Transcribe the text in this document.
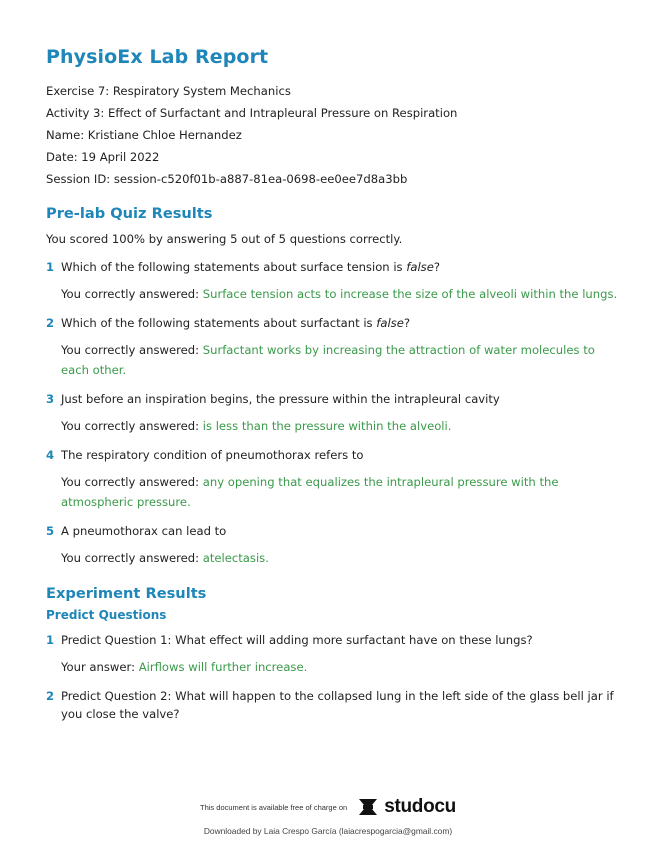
PhysioEx Lab Report
Exercise 7: Respiratory System Mechanics
Activity 3: Effect of Surfactant and Intrapleural Pressure on Respiration
Name: Kristiane Chloe Hernandez
Date: 19 April 2022
Session ID: session-c520f01b-a887-81ea-0698-ee0ee7d8a3bb
Pre-lab Quiz Results
You scored 100% by answering 5 out of 5 questions correctly.
1 Which of the following statements about surface tension is false?
You correctly answered: Surface tension acts to increase the size of the alveoli within the lungs.
2 Which of the following statements about surfactant is false?
You correctly answered: Surfactant works by increasing the attraction of water molecules to each other.
3 Just before an inspiration begins, the pressure within the intrapleural cavity
You correctly answered: is less than the pressure within the alveoli.
4 The respiratory condition of pneumothorax refers to
You correctly answered: any opening that equalizes the intrapleural pressure with the atmospheric pressure.
5 A pneumothorax can lead to
You correctly answered: atelectasis.
Experiment Results
Predict Questions
1 Predict Question 1: What effect will adding more surfactant have on these lungs?
Your answer: Airflows will further increase.
2 Predict Question 2: What will happen to the collapsed lung in the left side of the glass bell jar if you close the valve?
This document is available free of charge on studocu
Downloaded by Laia Crespo García (laiacrespogarcia@gmail.com)
